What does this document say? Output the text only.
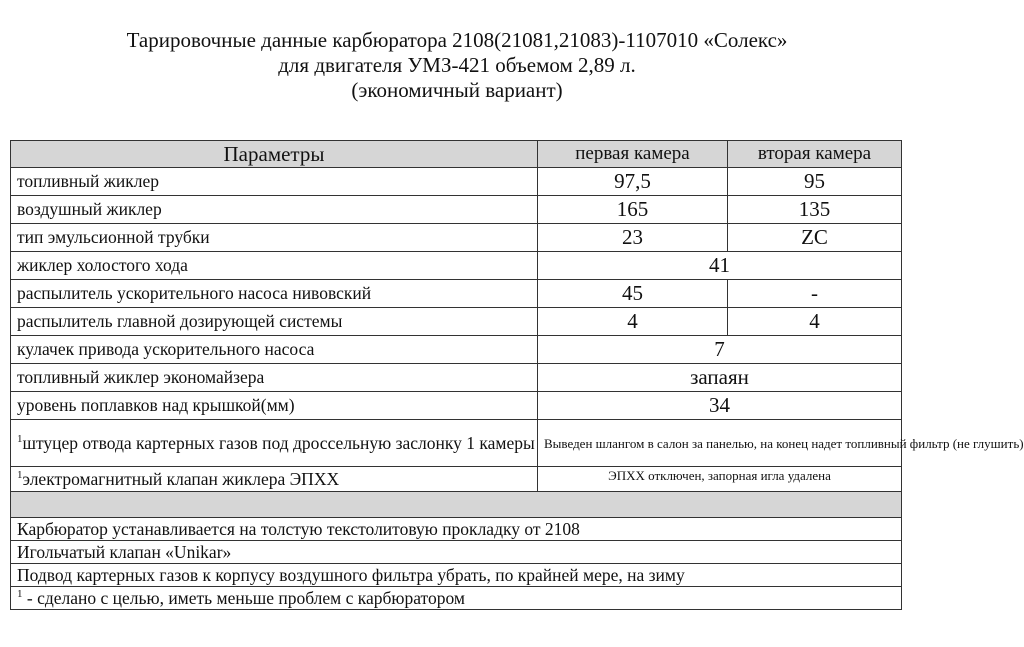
Тарировочные данные карбюратора 2108(21081,21083)-1107010 «Солекс»
для двигателя УМЗ-421 объемом 2,89 л.
(экономичный вариант)
Параметры	первая камера	вторая камера
топливный жиклер	97,5	95
воздушный жиклер	165	135
тип эмульсионной трубки	23	ZC
жиклер холостого хода	41	
распылитель ускорительного насоса нивовский	45	-
распылитель главной дозирующей системы	4	4
кулачек привода ускорительного насоса	7	
топливный жиклер экономайзера	запаян	
уровень поплавков над крышкой(мм)	34	
$^1$штуцер отвода картерных газов под дроссельную заслонку 1 камеры	Выведен шлангом в салон за панелью, на конец надет топливный фильтр (не глушить)	
$^1$электромагнитный клапан жиклера ЭПХХ	ЭПХХ отключен, запорная игла удалена	

Карбюратор устанавливается на толстую текстолитовую прокладку от 2108		
Игольчатый клапан «Unikar»		
Подвод картерных газов к корпусу воздушного фильтра убрать, по крайней мере, на зиму		
$^1$ - сделано с целью, иметь меньше проблем с карбюратором		
